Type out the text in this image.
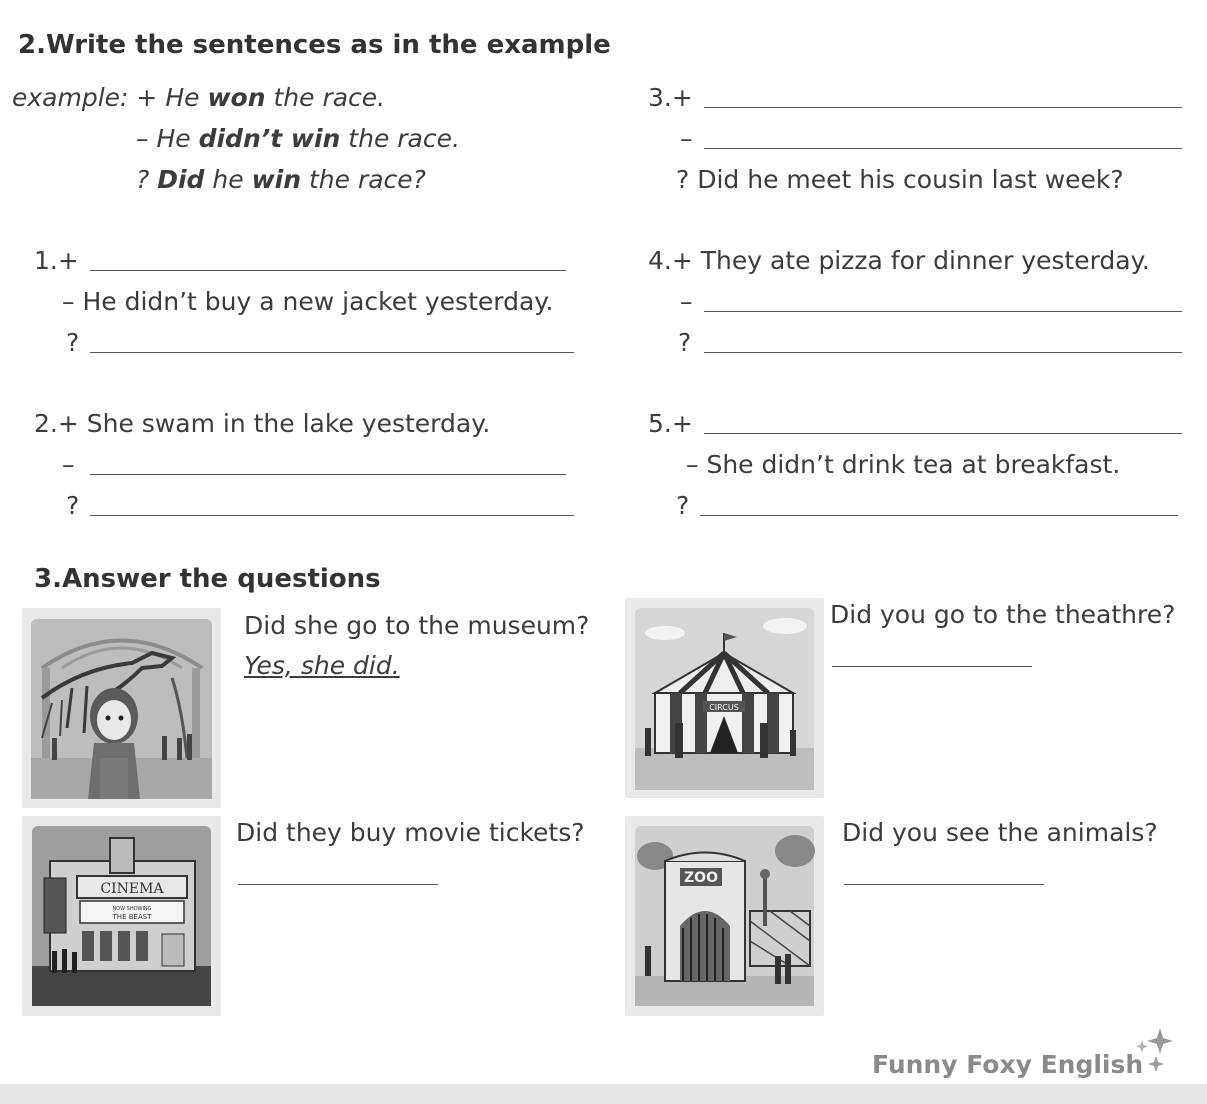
2.Write the sentences as in the example
example: + He won the race.
– He didn’t win the race.
? Did he win the race?
1.+
– He didn’t buy a new jacket yesterday.
?
2.+ She swam in the lake yesterday.
–
?
3.+
–
? Did he meet his cousin last week?
4.+ They ate pizza for dinner yesterday.
–
?
5.+
– She didn’t drink tea at breakfast.
?
3.Answer the questions
Did she go to the museum?
Yes, she did.
CIRCUS
Did you go to the theathre?
CINEMA
NOW SHOWING
THE BEAST
Did they buy movie tickets?
ZOO
Did you see the animals?
Funny Foxy English
